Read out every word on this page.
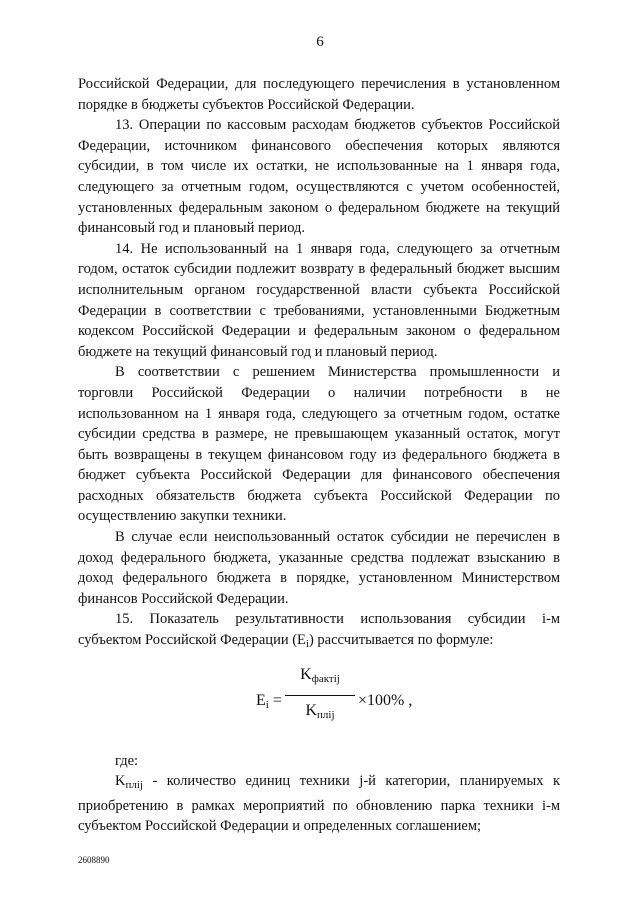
6

Российской Федерации, для последующего перечисления в установленном порядке в бюджеты субъектов Российской Федерации.

13. Операции по кассовым расходам бюджетов субъектов Российской Федерации, источником финансового обеспечения которых являются субсидии, в том числе их остатки, не использованные на 1 января года, следующего за отчетным годом, осуществляются с учетом особенностей, установленных федеральным законом о федеральном бюджете на текущий финансовый год и плановый период.

14. Не использованный на 1 января года, следующего за отчетным годом, остаток субсидии подлежит возврату в федеральный бюджет высшим исполнительным органом государственной власти субъекта Российской Федерации в соответствии с требованиями, установленными Бюджетным кодексом Российской Федерации и федеральным законом о федеральном бюджете на текущий финансовый год и плановый период.

В соответствии с решением Министерства промышленности и торговли Российской Федерации о наличии потребности в не использованном на 1 января года, следующего за отчетным годом, остатке субсидии средства в размере, не превышающем указанный остаток, могут быть возвращены в текущем финансовом году из федерального бюджета в бюджет субъекта Российской Федерации для финансового обеспечения расходных обязательств бюджета субъекта Российской Федерации по осуществлению закупки техники.

В случае если неиспользованный остаток субсидии не перечислен в доход федерального бюджета, указанные средства подлежат взысканию в доход федерального бюджета в порядке, установленном Министерством финансов Российской Федерации.

15. Показатель результативности использования субсидии i-м субъектом Российской Федерации $(E_i)$ рассчитывается по формуле:

$E_i$ =
$K_{фактij}$
$K_{плij}$
×100% ,

где:

$K_{плij}$ - количество единиц техники j-й категории, планируемых к приобретению в рамках мероприятий по обновлению парка техники i-м субъектом Российской Федерации и определенных соглашением;

2608890
